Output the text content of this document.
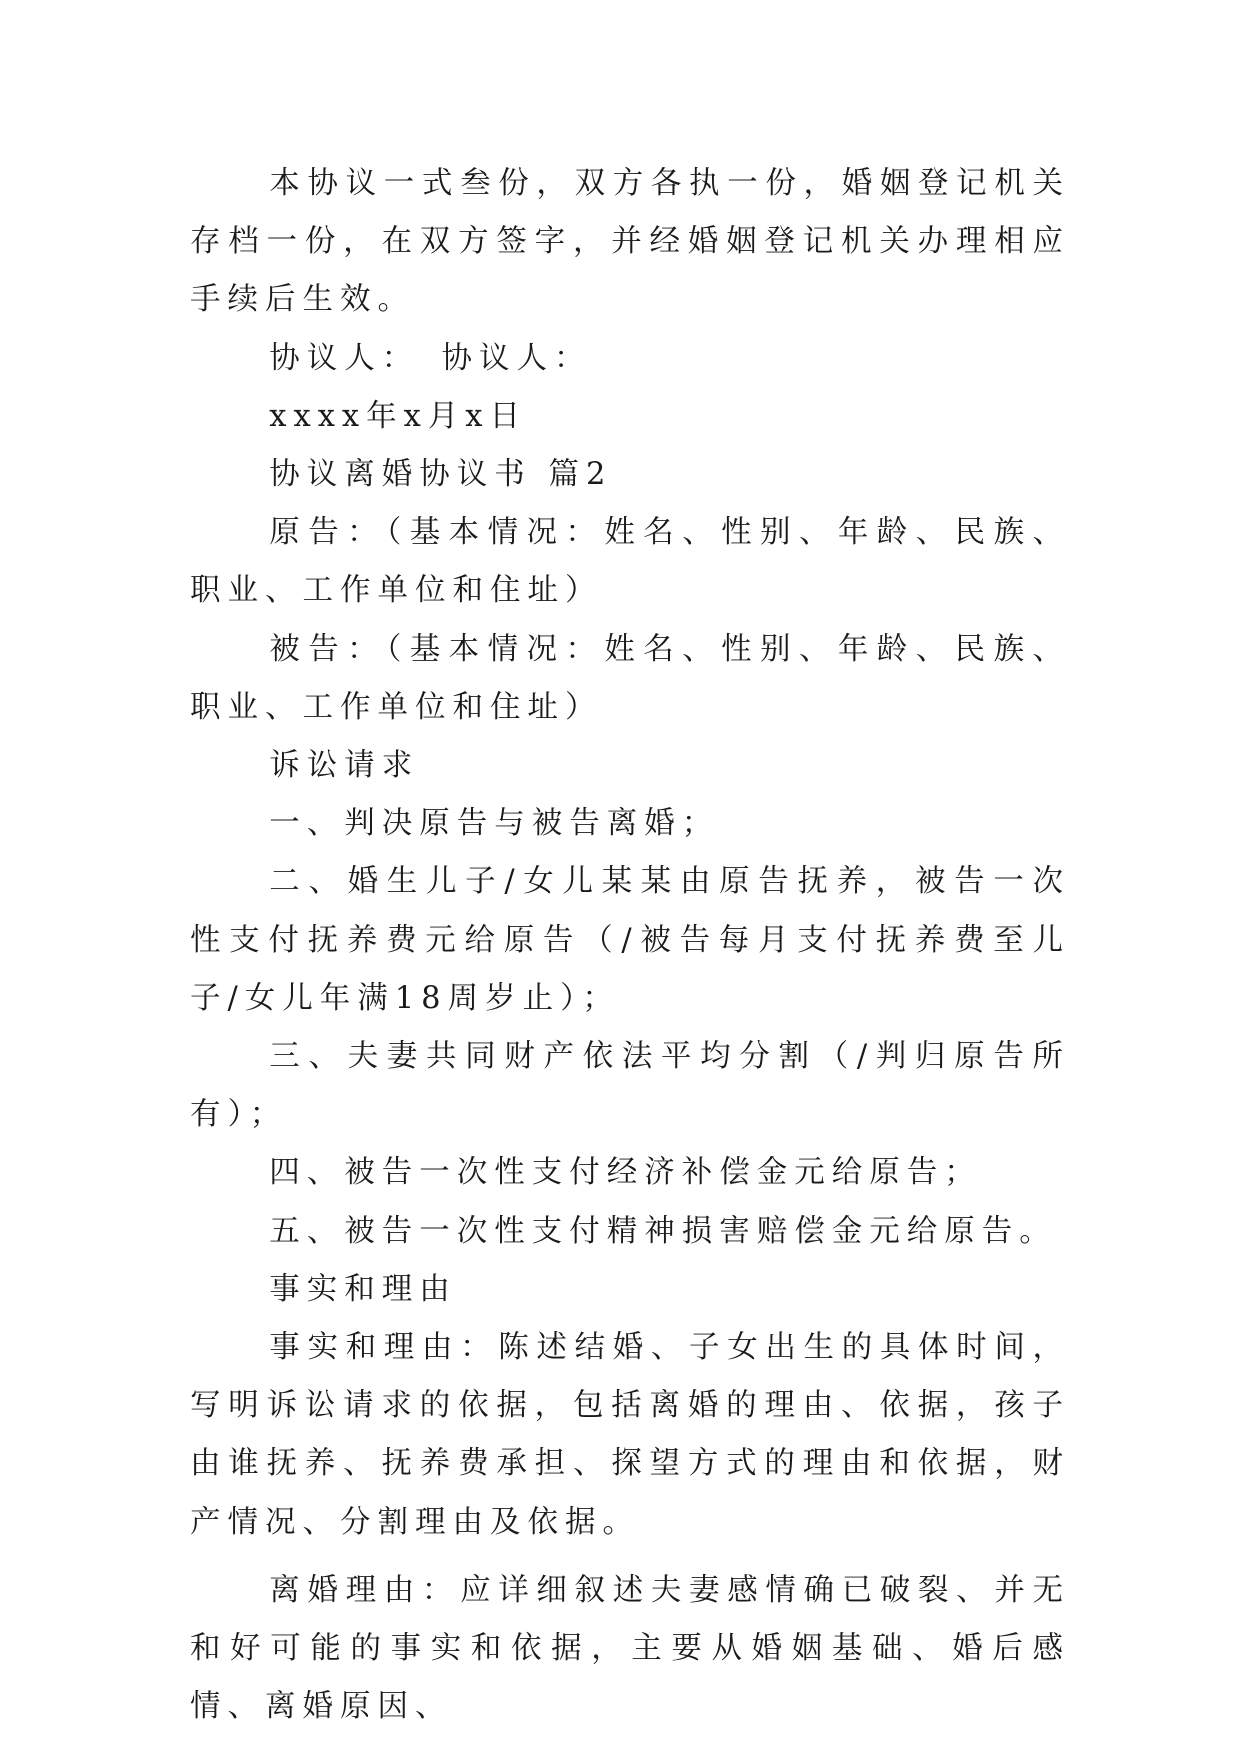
本协议一式叁份，双方各执一份，婚姻登记机关存档一份，在双方签字，并经婚姻登记机关办理相应手续后生效。

协议人：　协议人：

xxxx年x月x日

协议离婚协议书 篇2

原告：（基本情况：姓名、性别、年龄、民族、职业、工作单位和住址）

被告：（基本情况：姓名、性别、年龄、民族、职业、工作单位和住址）

诉讼请求

一、判决原告与被告离婚；

二、婚生儿子/女儿某某由原告抚养，被告一次性支付抚养费元给原告（/被告每月支付抚养费至儿子/女儿年满18周岁止）；

三、夫妻共同财产依法平均分割（/判归原告所有）；

四、被告一次性支付经济补偿金元给原告；

五、被告一次性支付精神损害赔偿金元给原告。

事实和理由

事实和理由：陈述结婚、子女出生的具体时间，写明诉讼请求的依据，包括离婚的理由、依据，孩子由谁抚养、抚养费承担、探望方式的理由和依据，财产情况、分割理由及依据。

离婚理由：应详细叙述夫妻感情确已破裂、并无和好可能的事实和依据，主要从婚姻基础、婚后感情、离婚原因、
